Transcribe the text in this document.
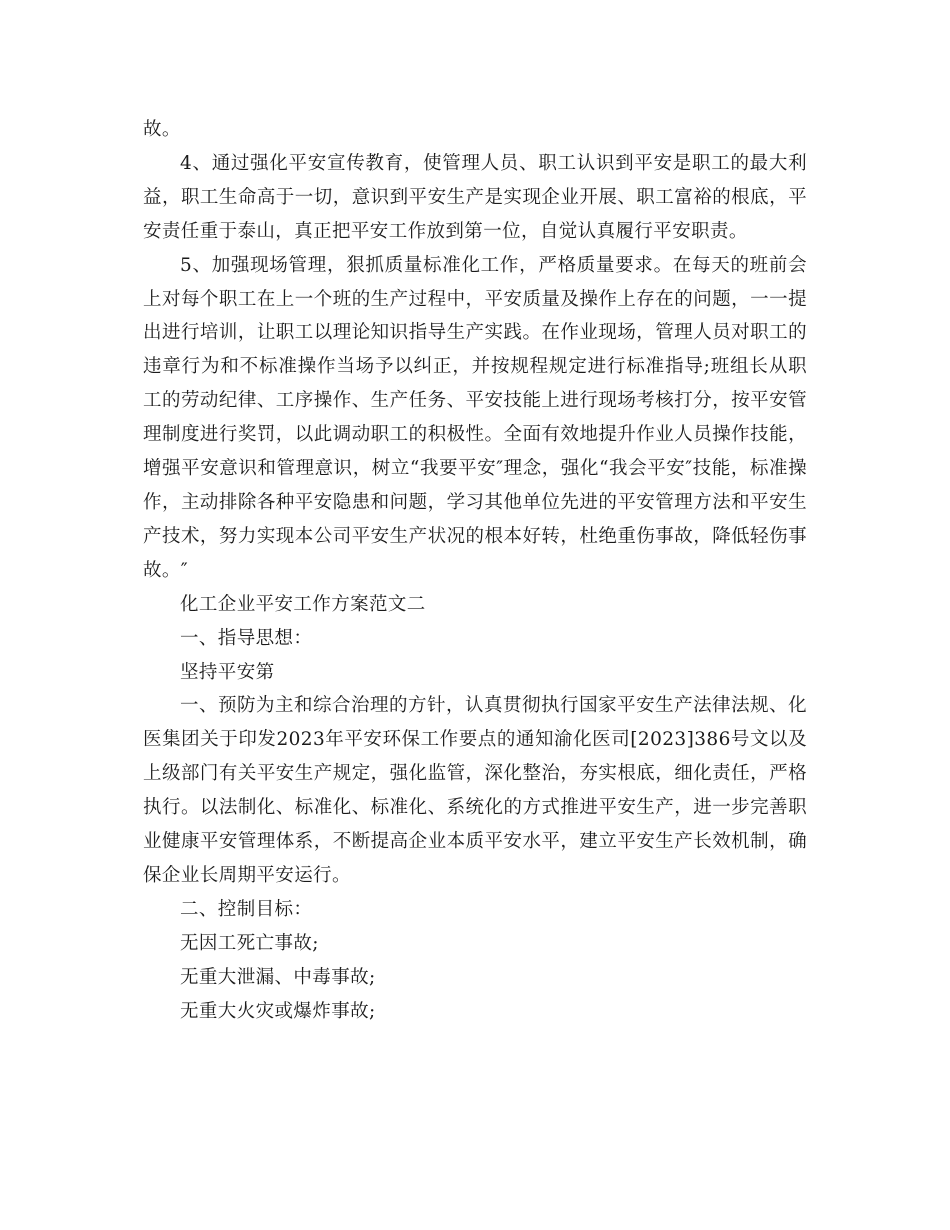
故。

4、通过强化平安宣传教育，使管理人员、职工认识到平安是职工的最大利益，职工生命高于一切，意识到平安生产是实现企业开展、职工富裕的根底，平安责任重于泰山，真正把平安工作放到第一位，自觉认真履行平安职责。

5、加强现场管理，狠抓质量标准化工作，严格质量要求。在每天的班前会上对每个职工在上一个班的生产过程中，平安质量及操作上存在的问题，一一提出进行培训，让职工以理论知识指导生产实践。在作业现场，管理人员对职工的违章行为和不标准操作当场予以纠正，并按规程规定进行标准指导;班组长从职工的劳动纪律、工序操作、生产任务、平安技能上进行现场考核打分，按平安管理制度进行奖罚，以此调动职工的积极性。全面有效地提升作业人员操作技能，增强平安意识和管理意识，树立“我要平安″理念，强化“我会平安″技能，标准操作，主动排除各种平安隐患和问题，学习其他单位先进的平安管理方法和平安生产技术，努力实现本公司平安生产状况的根本好转，杜绝重伤事故，降低轻伤事故。″

化工企业平安工作方案范文二

一、指导思想：

坚持平安第

一、预防为主和综合治理的方针，认真贯彻执行国家平安生产法律法规、化医集团关于印发2023年平安环保工作要点的通知渝化医司[2023]386号文以及上级部门有关平安生产规定，强化监管，深化整治，夯实根底，细化责任，严格执行。以法制化、标准化、标准化、系统化的方式推进平安生产，进一步完善职业健康平安管理体系，不断提高企业本质平安水平，建立平安生产长效机制，确保企业长周期平安运行。

二、控制目标：

无因工死亡事故;

无重大泄漏、中毒事故;

无重大火灾或爆炸事故;
